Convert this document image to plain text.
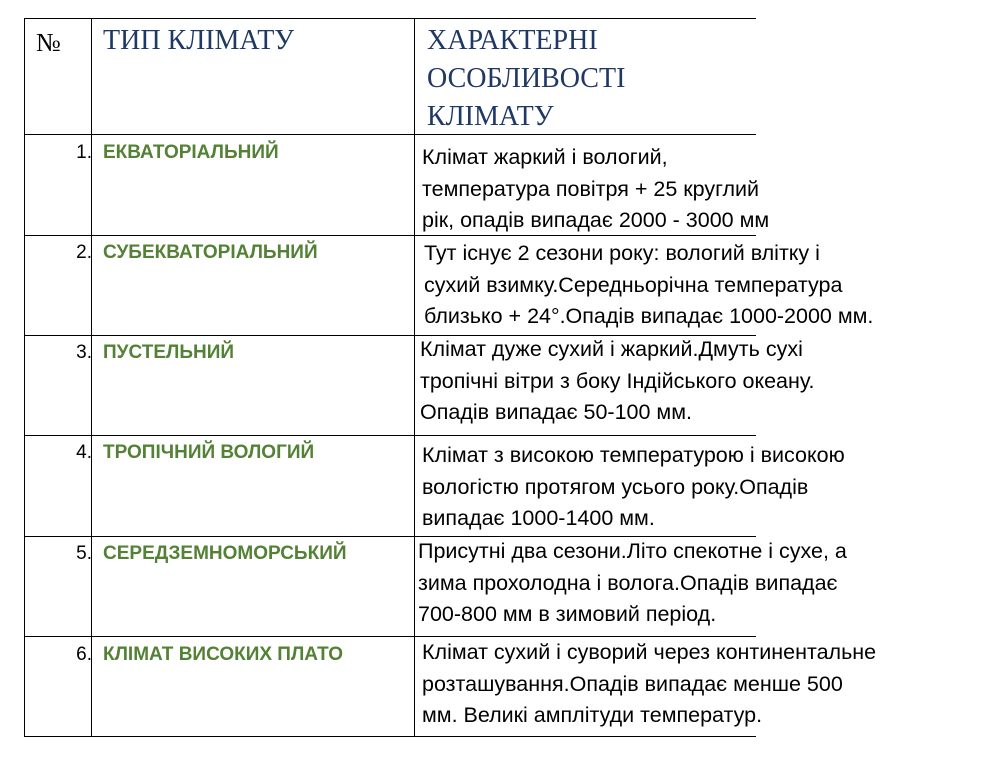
№ ТИП КЛІМАТУ	ХАРАКТЕРНІ
ОСОБЛИВОСТІ
КЛІМАТУ
1. ЕКВАТОРІАЛЬНИЙ	Клімат жаркий і вологий,
температура повітря + 25 круглий
рік, опадів випадає 2000 - 3000 мм
2. СУБЕКВАТОРІАЛЬНИЙ	Тут існує 2 сезони року: вологий влітку і
сухий взимку.Середньорічна температура
близько + 24°.Опадів випадає 1000-2000 мм.
3. ПУСТЕЛЬНИЙ	Клімат дуже сухий і жаркий.Дмуть сухі
тропічні вітри з боку Індійського океану.
Опадів випадає 50-100 мм.
4. ТРОПІЧНИЙ ВОЛОГИЙ	Клімат з високою температурою і високою
вологістю протягом усього року.Опадів
випадає 1000-1400 мм.
5. СЕРЕДЗЕМНОМОРСЬКИЙ	Присутні два сезони.Літо спекотне і сухе, а
зима прохолодна і волога.Опадів випадає
700-800 мм в зимовий період.
6. КЛІМАТ ВИСОКИХ ПЛАТО	Клімат сухий і суворий через континентальне
розташування.Опадів випадає менше 500
мм. Великі амплітуди температур.
